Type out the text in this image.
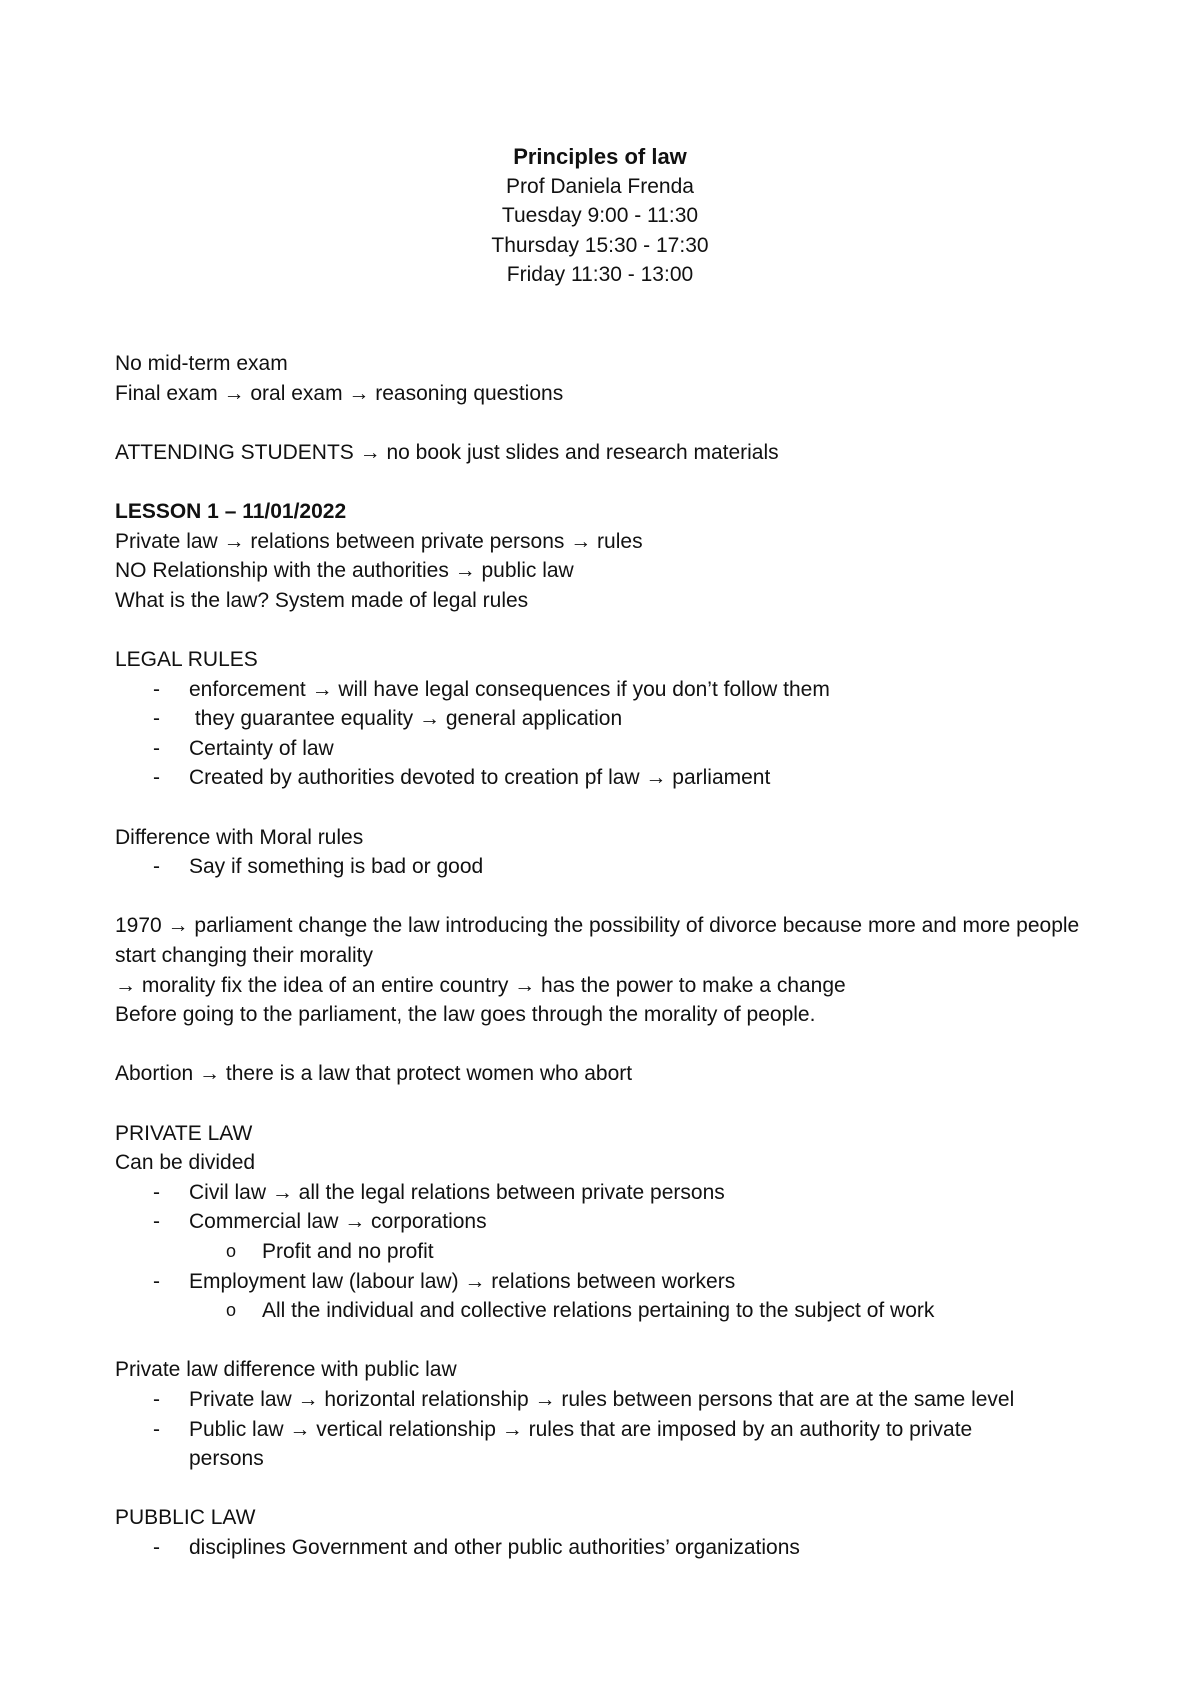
Principles of law
Prof Daniela Frenda
Tuesday 9:00 - 11:30
Thursday 15:30 - 17:30
Friday 11:30 - 13:00
No mid-term exam
Final exam → oral exam → reasoning questions
ATTENDING STUDENTS → no book just slides and research materials
LESSON 1 – 11/01/2022
Private law → relations between private persons → rules
NO Relationship with the authorities → public law
What is the law? System made of legal rules
LEGAL RULES
-	enforcement → will have legal consequences if you don’t follow them
-	they guarantee equality → general application
-	Certainty of law
-	Created by authorities devoted to creation pf law → parliament
Difference with Moral rules
-	Say if something is bad or good
1970 → parliament change the law introducing the possibility of divorce because more and more people start changing their morality
→ morality fix the idea of an entire country → has the power to make a change
Before going to the parliament, the law goes through the morality of people.
Abortion → there is a law that protect women who abort
PRIVATE LAW
Can be divided
-	Civil law → all the legal relations between private persons
-	Commercial law → corporations
o	Profit and no profit
-	Employment law (labour law) → relations between workers
o	All the individual and collective relations pertaining to the subject of work
Private law difference with public law
-	Private law → horizontal relationship → rules between persons that are at the same level
-	Public law → vertical relationship → rules that are imposed by an authority to private persons
PUBBLIC LAW
-	disciplines Government and other public authorities’ organizations
